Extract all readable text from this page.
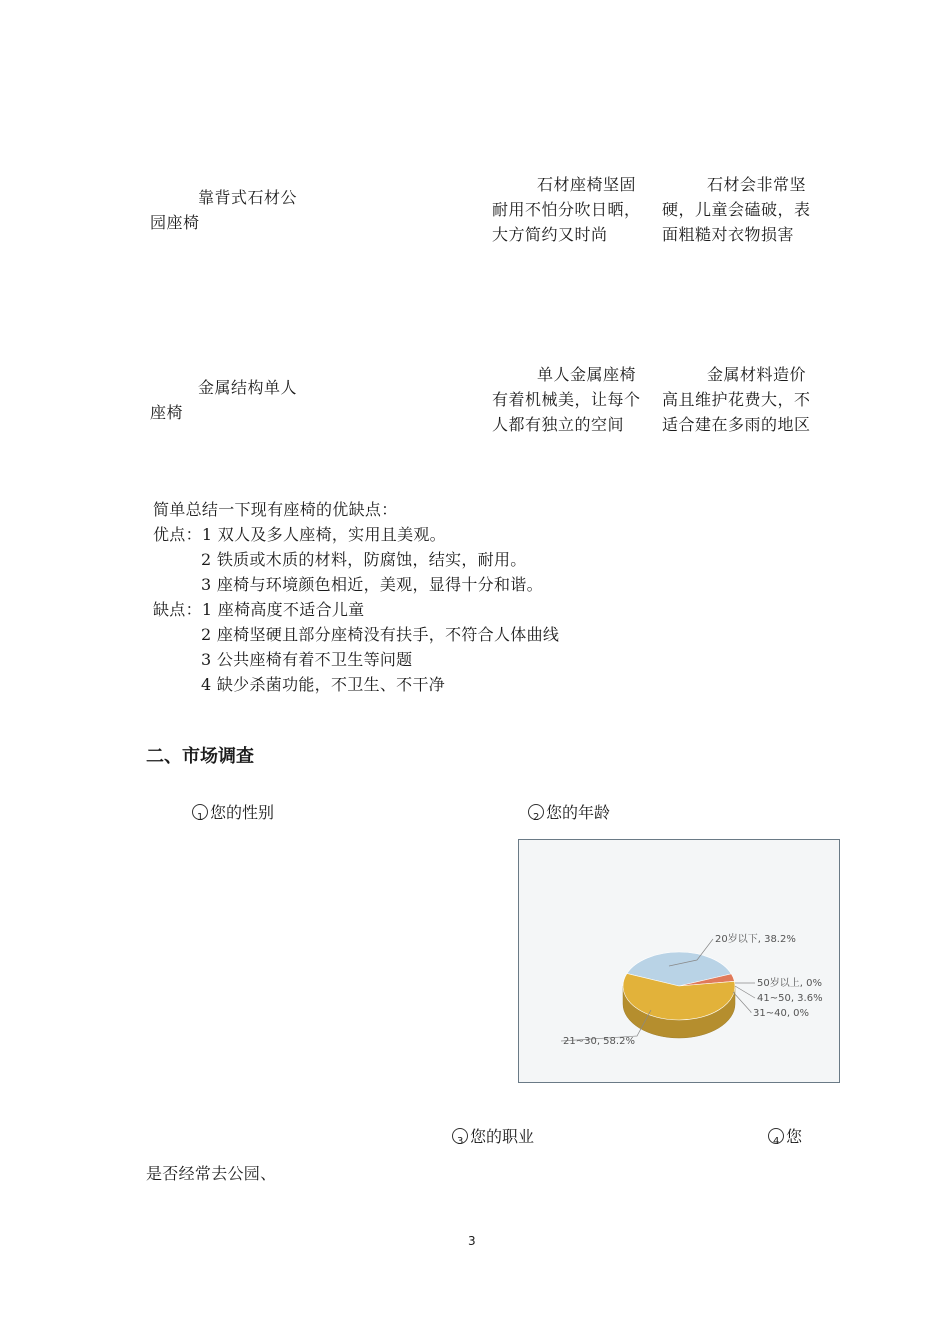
靠背式石材公
园座椅
石材座椅坚固
耐用不怕分吹日晒，
大方简约又时尚
石材会非常坚
硬，儿童会磕破，表
面粗糙对衣物损害
金属结构单人
座椅
单人金属座椅
有着机械美，让每个
人都有独立的空间
金属材料造价
高且维护花费大，不
适合建在多雨的地区
简单总结一下现有座椅的优缺点：
优点：1 双人及多人座椅，实用且美观。
2 铁质或木质的材料，防腐蚀，结实，耐用。
3 座椅与环境颜色相近，美观，显得十分和谐。
缺点：1 座椅高度不适合儿童
2 座椅坚硬且部分座椅没有扶手，不符合人体曲线
3 公共座椅有着不卫生等问题
4 缺少杀菌功能，不卫生、不干净
二、市场调查
1 您的性别	2 您的年龄
20岁以下, 38.2%
21~30, 58.2%
31~40, 0%
41~50, 3.6%
50岁以上, 0%
3 您的职业	4 您
是否经常去公园、
3
